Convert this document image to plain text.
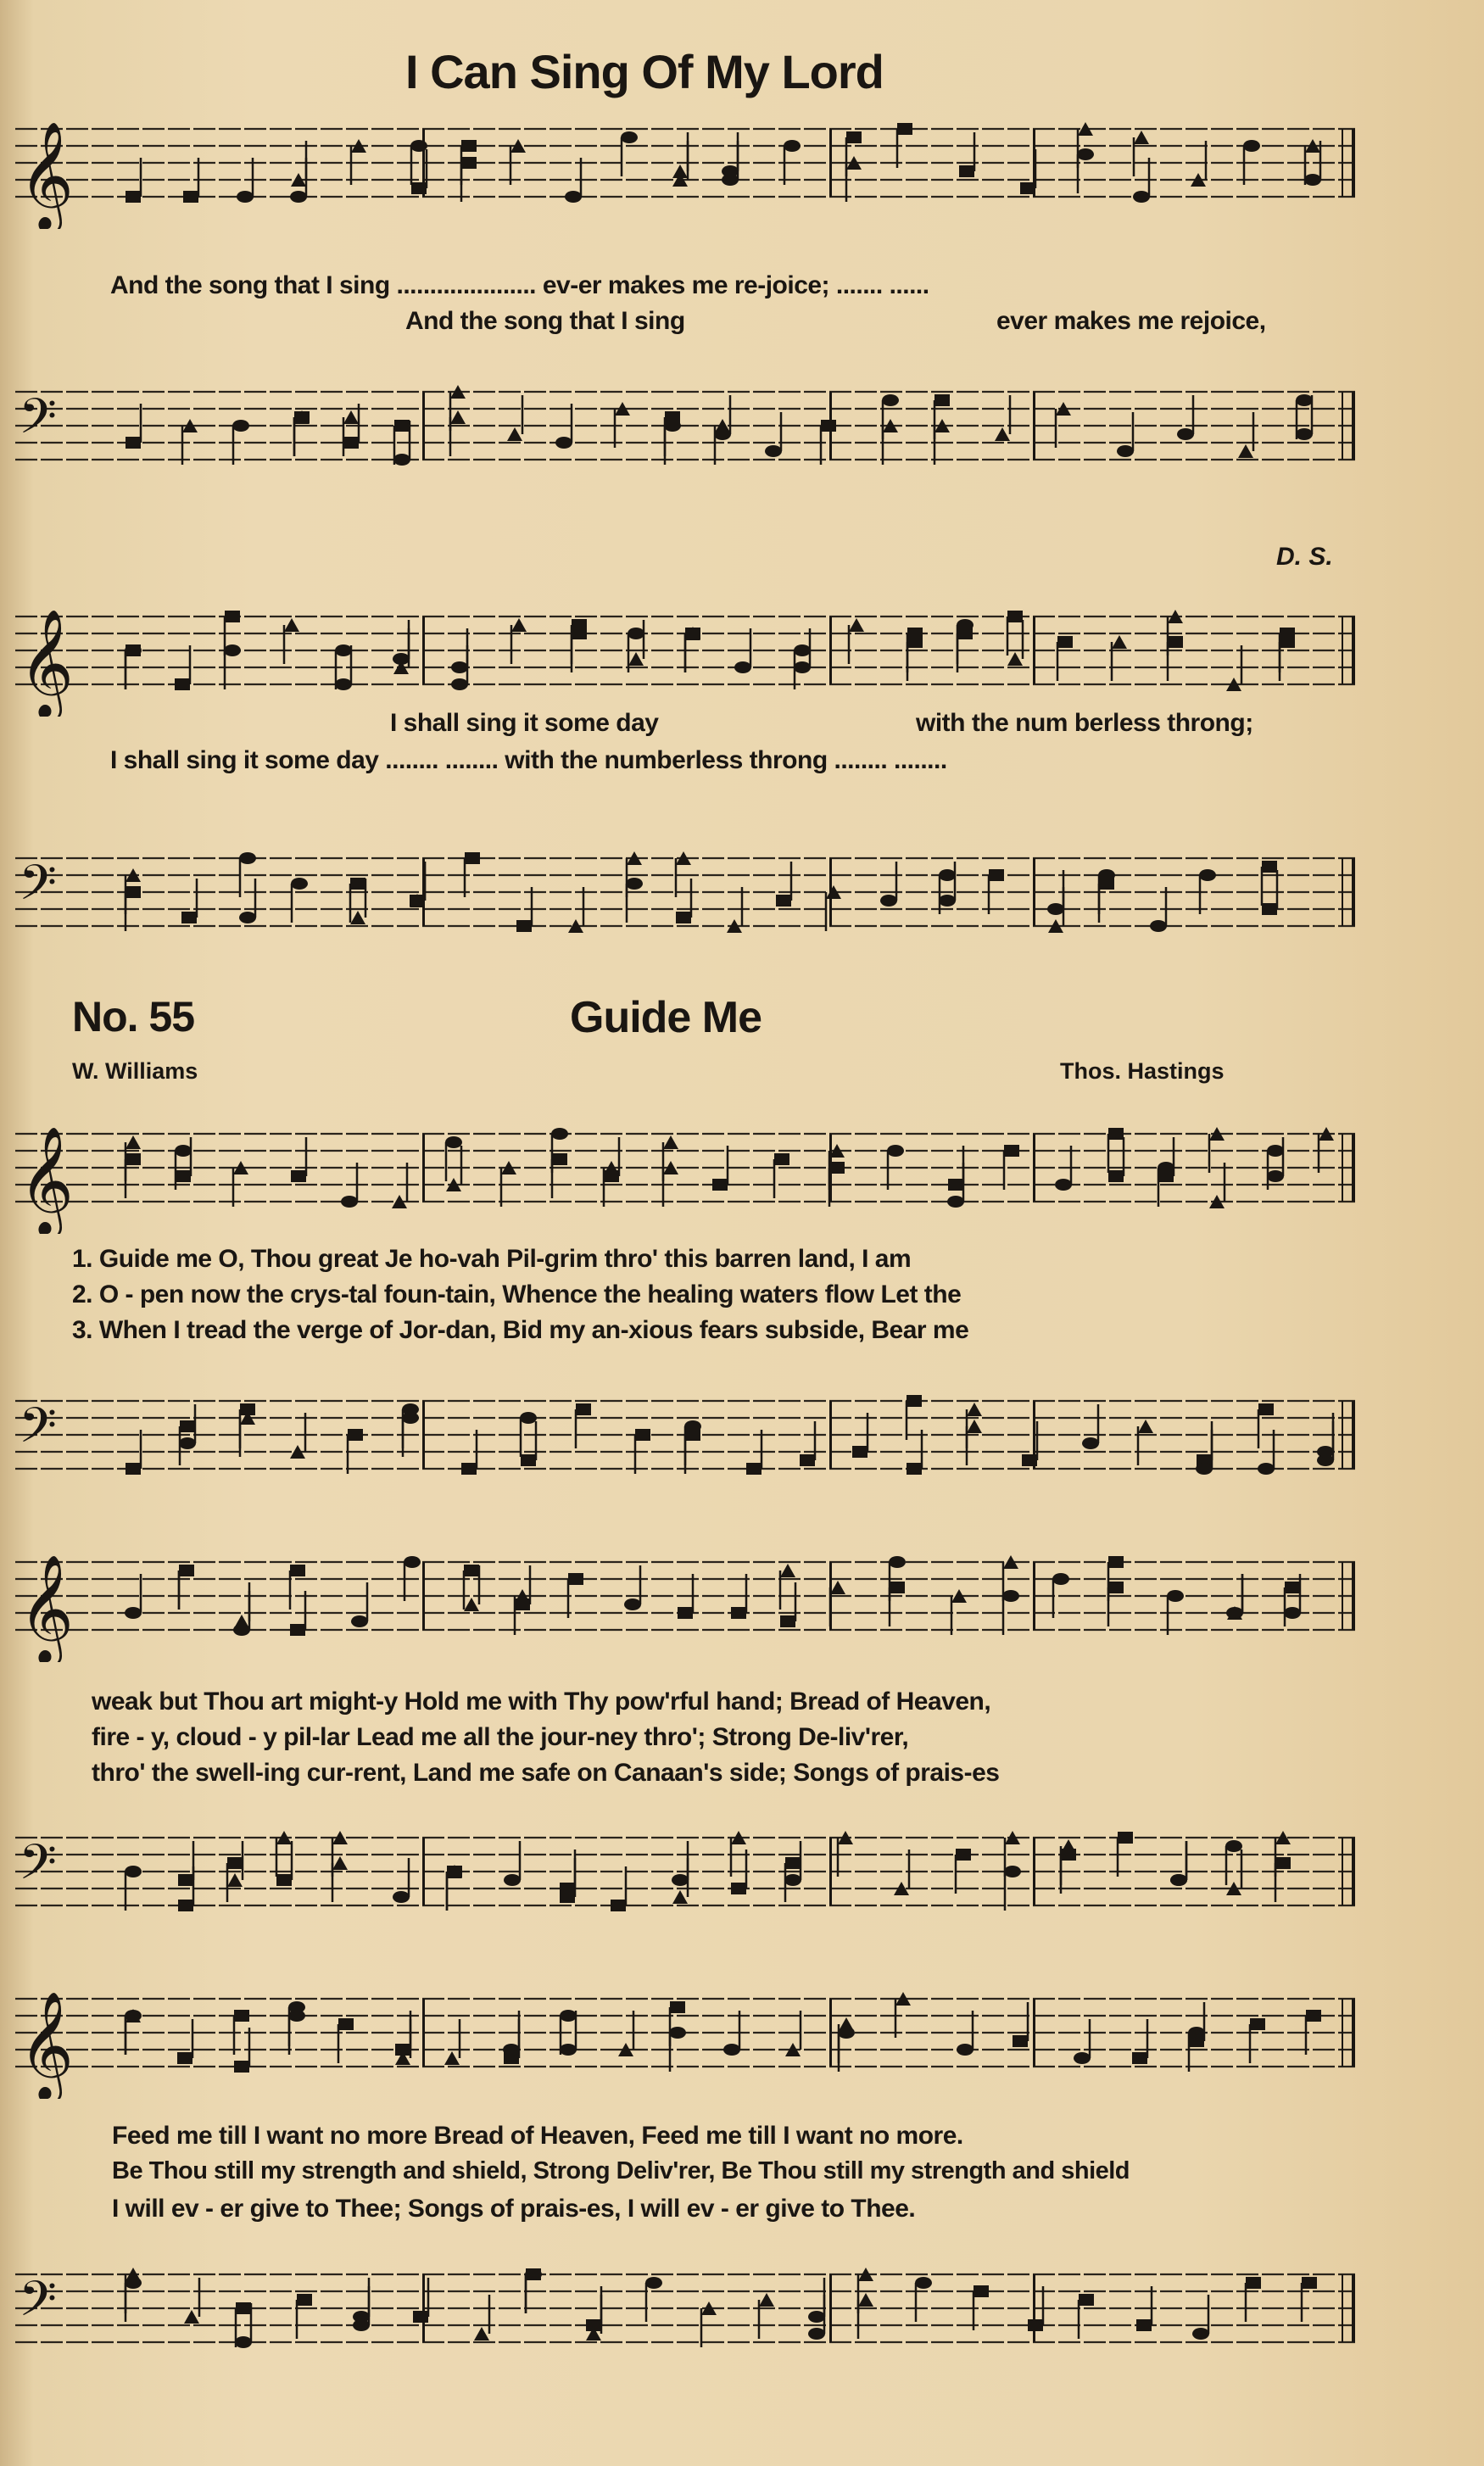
I Can Sing Of My Lord
𝄞
And the song that I sing ..................... ev-er makes me re-joice; ....... ......
And the song that I sing	ever makes me rejoice,
𝄢
𝄞
I shall sing it some day	with the num berless throng;
I shall sing it some day ........ ........ with the numberless throng ........ ........
D. S.
𝄢
No. 55	Guide Me
W. Williams	Thos. Hastings
𝄞
1. Guide me O, Thou great Je ho-vah Pil-grim thro' this barren land, I am
2. O - pen now the crys-tal foun-tain, Whence the healing waters flow Let the
3. When I tread the verge of Jor-dan, Bid my an-xious fears subside, Bear me
𝄢
𝄞
weak but Thou art might-y Hold me with Thy pow'rful hand; Bread of Heaven,
fire - y, cloud - y pil-lar Lead me all the jour-ney thro'; Strong De-liv'rer,
thro' the swell-ing cur-rent, Land me safe on Canaan's side; Songs of prais-es
𝄢
𝄞
Feed me till I want no more Bread of Heaven, Feed me till I want no more.
Be Thou still my strength and shield, Strong Deliv'rer, Be Thou still my strength and shield
I will ev - er give to Thee; Songs of prais-es, I will ev - er give to Thee.
𝄢
